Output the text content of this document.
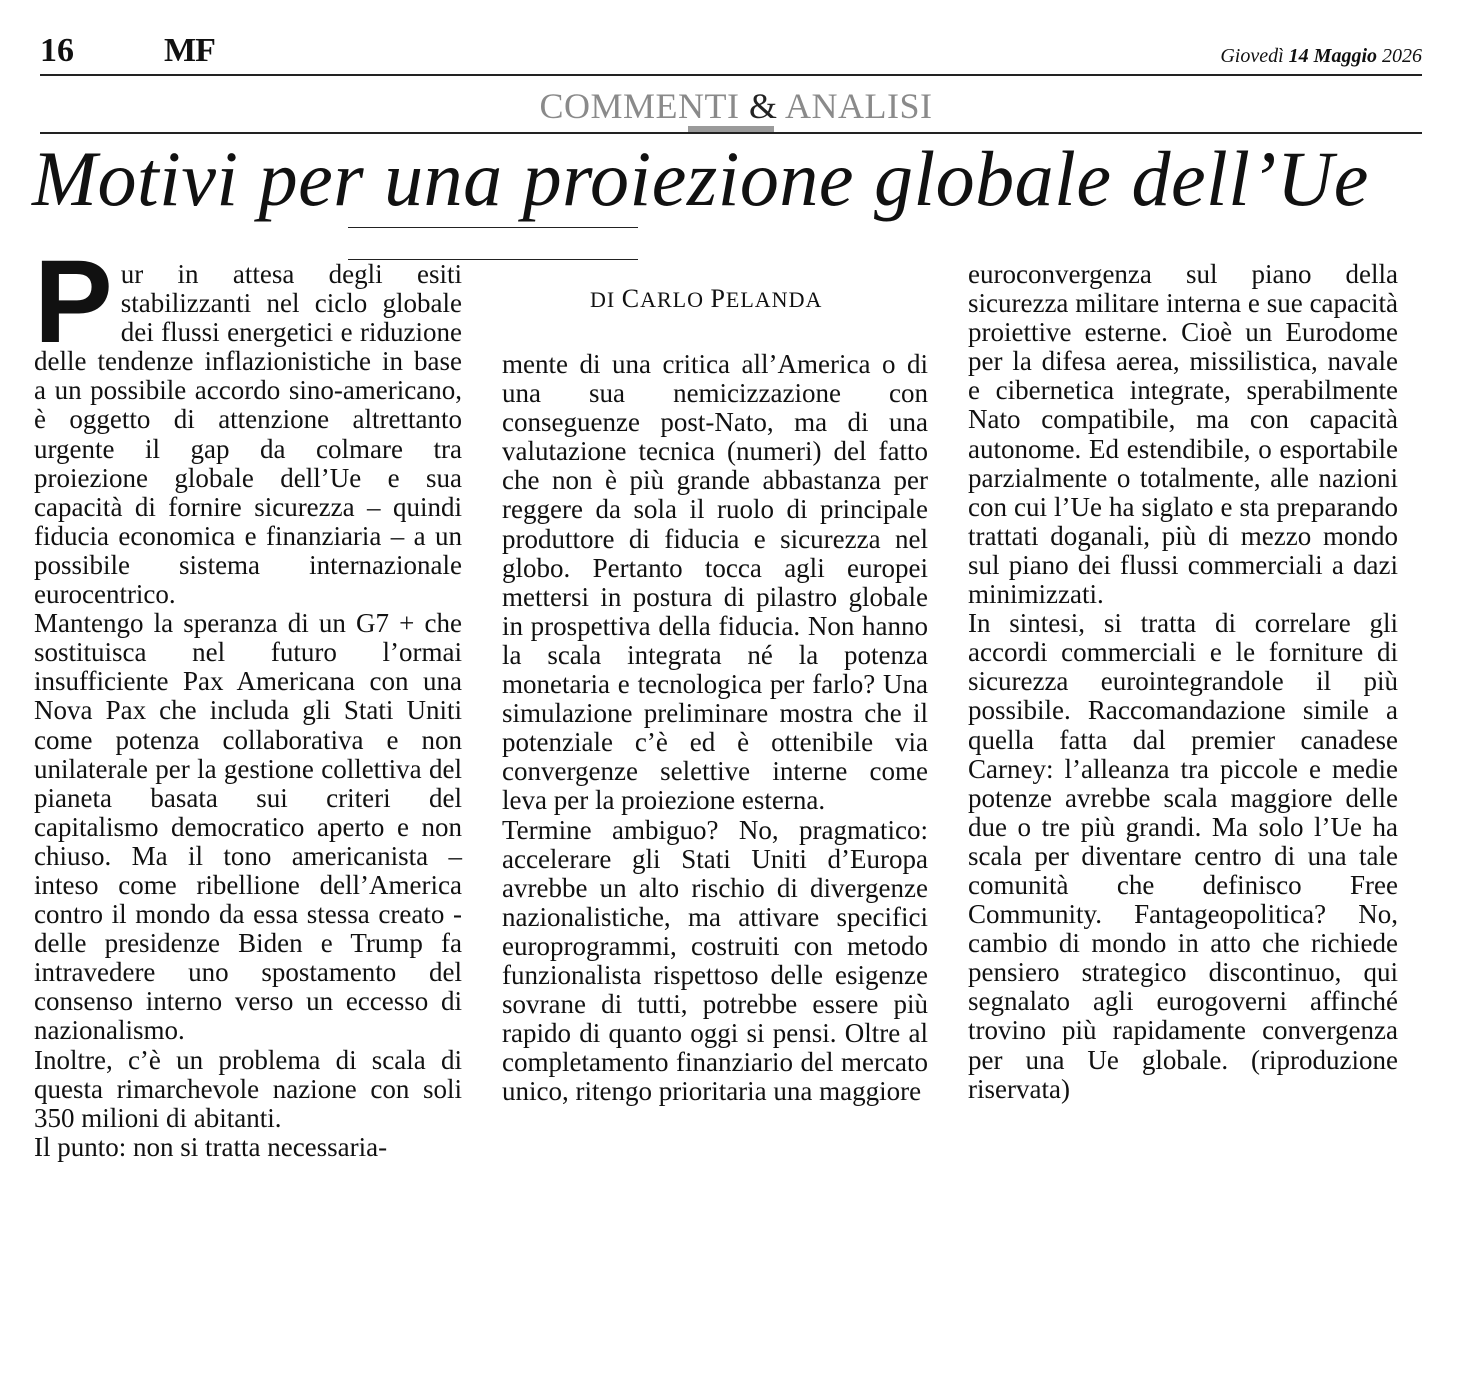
16	MF	Giovedì 14 Maggio 2026
COMMENTI & ANALISI
Motivi per una proiezione globale dell’Ue
DI CARLO PELANDA

Pur in attesa degli esiti stabilizzanti nel ciclo globale dei flussi energetici e riduzione delle tendenze inflazionistiche in base a un possibile accordo sino-americano, è oggetto di attenzione altrettanto urgente il gap da colmare tra proiezione globale dell’Ue e sua capacità di fornire sicurezza – quindi fiducia economica e finanziaria – a un possibile sistema internazionale eurocentrico.

Mantengo la speranza di un G7 + che sostituisca nel futuro l’ormai insufficiente Pax Americana con una Nova Pax che includa gli Stati Uniti come potenza collaborativa e non unilaterale per la gestione collettiva del pianeta basata sui criteri del capitalismo democratico aperto e non chiuso. Ma il tono americanista – inteso come ribellione dell’America contro il mondo da essa stessa creato - delle presidenze Biden e Trump fa intravedere uno spostamento del consenso interno verso un eccesso di nazionalismo.

Inoltre, c’è un problema di scala di questa rimarchevole nazione con soli 350 milioni di abitanti.

Il punto: non si tratta necessaria-

mente di una critica all’America o di una sua nemicizzazione con conseguenze post-Nato, ma di una valutazione tecnica (numeri) del fatto che non è più grande abbastanza per reggere da sola il ruolo di principale produttore di fiducia e sicurezza nel globo. Pertanto tocca agli europei mettersi in postura di pilastro globale in prospettiva della fiducia. Non hanno la scala integrata né la potenza monetaria e tecnologica per farlo? Una simulazione preliminare mostra che il potenziale c’è ed è ottenibile via convergenze selettive interne come leva per la proiezione esterna.

Termine ambiguo? No, pragmatico: accelerare gli Stati Uniti d’Europa avrebbe un alto rischio di divergenze nazionalistiche, ma attivare specifici europrogrammi, costruiti con metodo funzionalista rispettoso delle esigenze sovrane di tutti, potrebbe essere più rapido di quanto oggi si pensi. Oltre al completamento finanziario del mercato unico, ritengo prioritaria una maggiore

euroconvergenza sul piano della sicurezza militare interna e sue capacità proiettive esterne. Cioè un Eurodome per la difesa aerea, missilistica, navale e cibernetica integrate, sperabilmente Nato compatibile, ma con capacità autonome. Ed estendibile, o esportabile parzialmente o totalmente, alle nazioni con cui l’Ue ha siglato e sta preparando trattati doganali, più di mezzo mondo sul piano dei flussi commerciali a dazi minimizzati.

In sintesi, si tratta di correlare gli accordi commerciali e le forniture di sicurezza eurointegrandole il più possibile. Raccomandazione simile a quella fatta dal premier canadese Carney: l’alleanza tra piccole e medie potenze avrebbe scala maggiore delle due o tre più grandi. Ma solo l’Ue ha scala per diventare centro di una tale comunità che definisco Free Community. Fantageopolitica? No, cambio di mondo in atto che richiede pensiero strategico discontinuo, qui segnalato agli eurogoverni affinché trovino più rapidamente convergenza per una Ue globale. (riproduzione riservata)
